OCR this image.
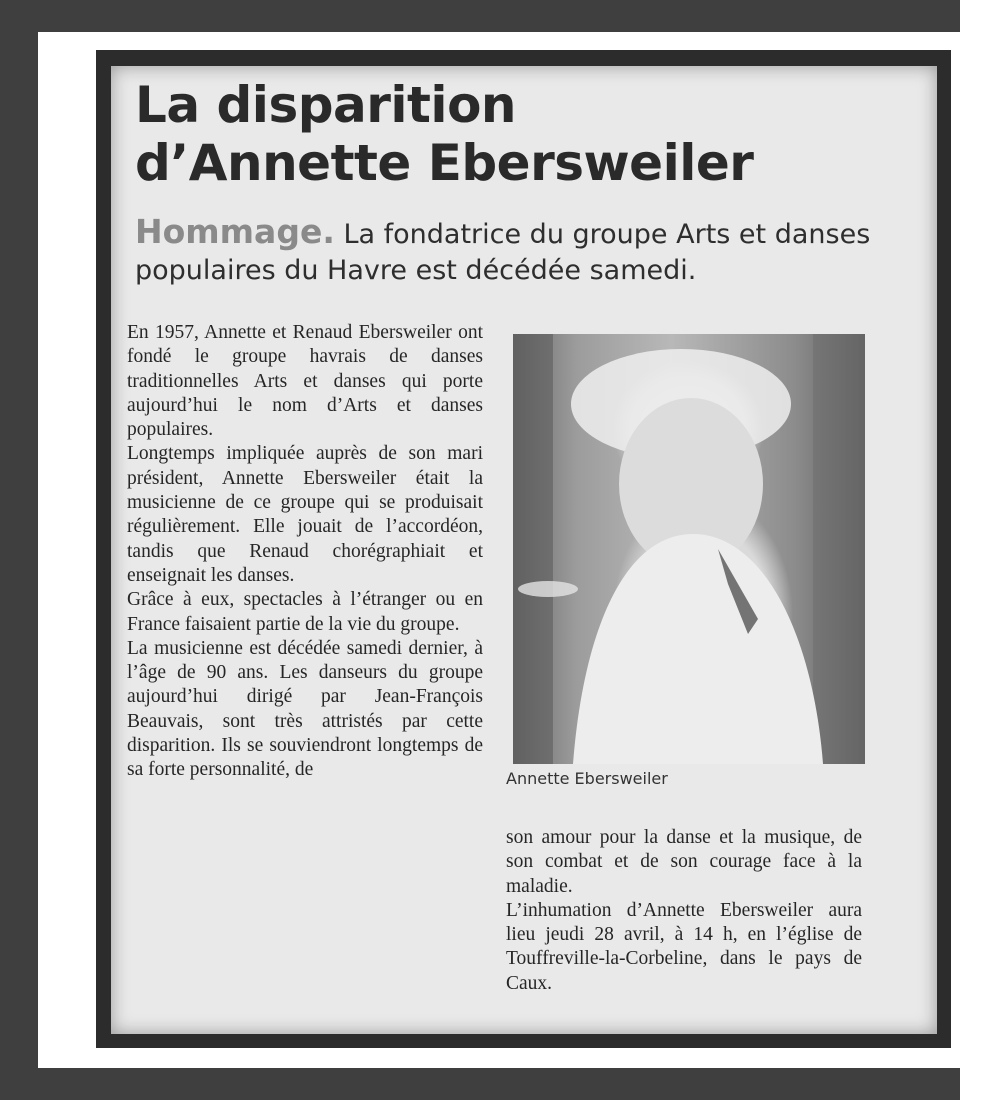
La disparition
d’Annette Ebersweiler

Hommage. La fondatrice du groupe Arts et danses populaires du Havre est décédée samedi.

En 1957, Annette et Renaud Ebersweiler ont fondé le groupe havrais de danses traditionnelles Arts et danses qui porte aujourd’hui le nom d’Arts et danses populaires.

Longtemps impliquée auprès de son mari président, Annette Ebersweiler était la musicienne de ce groupe qui se produisait régulièrement. Elle jouait de l’accordéon, tandis que Renaud chorégraphiait et enseignait les danses.

Grâce à eux, spectacles à l’étranger ou en France faisaient partie de la vie du groupe.

La musicienne est décédée samedi dernier, à l’âge de 90 ans. Les danseurs du groupe aujourd’hui dirigé par Jean-François Beauvais, sont très attristés par cette disparition. Ils se souviendront longtemps de sa forte personnalité, de	Annette Ebersweiler

son amour pour la danse et la musique, de son combat et de son courage face à la maladie.

L’inhumation d’Annette Ebersweiler aura lieu jeudi 28 avril, à 14 h, en l’église de Touffreville-la-Corbeline, dans le pays de Caux.
